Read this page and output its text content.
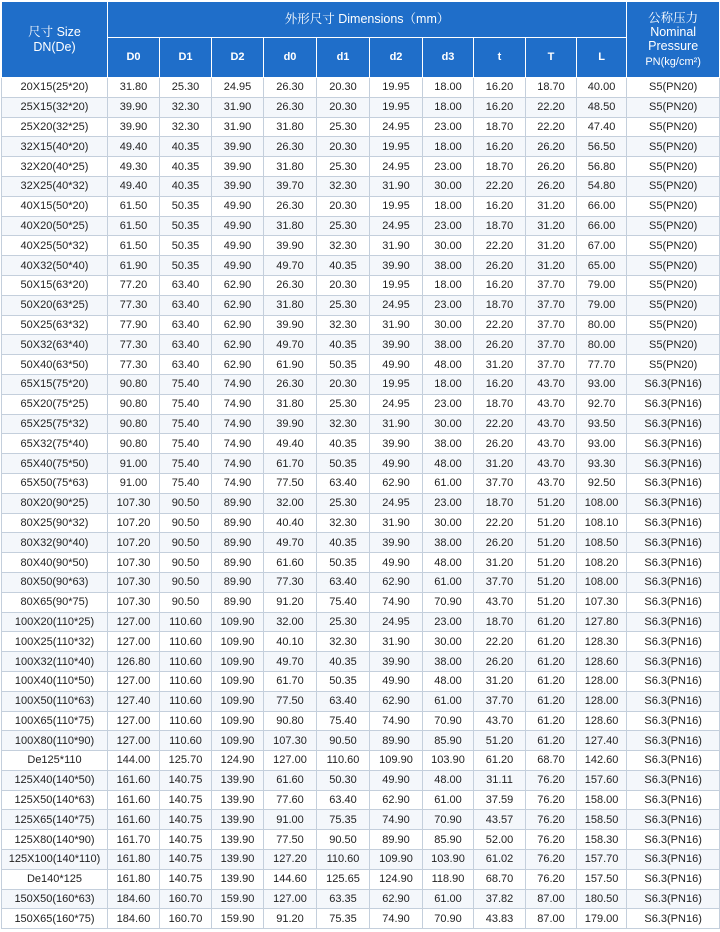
尺寸 Size
DN(De)	外形尺寸 Dimensions（mm）										公称压力
Nominal
Pressure
PN(kg/cm²)
	D0	D1	D2	d0	d1	d2	d3	t	T	L	
20X15(25*20)	31.80	25.30	24.95	26.30	20.30	19.95	18.00	16.20	18.70	40.00	S5(PN20)
25X15(32*20)	39.90	32.30	31.90	26.30	20.30	19.95	18.00	16.20	22.20	48.50	S5(PN20)
25X20(32*25)	39.90	32.30	31.90	31.80	25.30	24.95	23.00	18.70	22.20	47.40	S5(PN20)
32X15(40*20)	49.40	40.35	39.90	26.30	20.30	19.95	18.00	16.20	26.20	56.50	S5(PN20)
32X20(40*25)	49.30	40.35	39.90	31.80	25.30	24.95	23.00	18.70	26.20	56.80	S5(PN20)
32X25(40*32)	49.40	40.35	39.90	39.70	32.30	31.90	30.00	22.20	26.20	54.80	S5(PN20)
40X15(50*20)	61.50	50.35	49.90	26.30	20.30	19.95	18.00	16.20	31.20	66.00	S5(PN20)
40X20(50*25)	61.50	50.35	49.90	31.80	25.30	24.95	23.00	18.70	31.20	66.00	S5(PN20)
40X25(50*32)	61.50	50.35	49.90	39.90	32.30	31.90	30.00	22.20	31.20	67.00	S5(PN20)
40X32(50*40)	61.90	50.35	49.90	49.70	40.35	39.90	38.00	26.20	31.20	65.00	S5(PN20)
50X15(63*20)	77.20	63.40	62.90	26.30	20.30	19.95	18.00	16.20	37.70	79.00	S5(PN20)
50X20(63*25)	77.30	63.40	62.90	31.80	25.30	24.95	23.00	18.70	37.70	79.00	S5(PN20)
50X25(63*32)	77.90	63.40	62.90	39.90	32.30	31.90	30.00	22.20	37.70	80.00	S5(PN20)
50X32(63*40)	77.30	63.40	62.90	49.70	40.35	39.90	38.00	26.20	37.70	80.00	S5(PN20)
50X40(63*50)	77.30	63.40	62.90	61.90	50.35	49.90	48.00	31.20	37.70	77.70	S5(PN20)
65X15(75*20)	90.80	75.40	74.90	26.30	20.30	19.95	18.00	16.20	43.70	93.00	S6.3(PN16)
65X20(75*25)	90.80	75.40	74.90	31.80	25.30	24.95	23.00	18.70	43.70	92.70	S6.3(PN16)
65X25(75*32)	90.80	75.40	74.90	39.90	32.30	31.90	30.00	22.20	43.70	93.50	S6.3(PN16)
65X32(75*40)	90.80	75.40	74.90	49.40	40.35	39.90	38.00	26.20	43.70	93.00	S6.3(PN16)
65X40(75*50)	91.00	75.40	74.90	61.70	50.35	49.90	48.00	31.20	43.70	93.30	S6.3(PN16)
65X50(75*63)	91.00	75.40	74.90	77.50	63.40	62.90	61.00	37.70	43.70	92.50	S6.3(PN16)
80X20(90*25)	107.30	90.50	89.90	32.00	25.30	24.95	23.00	18.70	51.20	108.00	S6.3(PN16)
80X25(90*32)	107.20	90.50	89.90	40.40	32.30	31.90	30.00	22.20	51.20	108.10	S6.3(PN16)
80X32(90*40)	107.20	90.50	89.90	49.70	40.35	39.90	38.00	26.20	51.20	108.50	S6.3(PN16)
80X40(90*50)	107.30	90.50	89.90	61.60	50.35	49.90	48.00	31.20	51.20	108.20	S6.3(PN16)
80X50(90*63)	107.30	90.50	89.90	77.30	63.40	62.90	61.00	37.70	51.20	108.00	S6.3(PN16)
80X65(90*75)	107.30	90.50	89.90	91.20	75.40	74.90	70.90	43.70	51.20	107.30	S6.3(PN16)
100X20(110*25)	127.00	110.60	109.90	32.00	25.30	24.95	23.00	18.70	61.20	127.80	S6.3(PN16)
100X25(110*32)	127.00	110.60	109.90	40.10	32.30	31.90	30.00	22.20	61.20	128.30	S6.3(PN16)
100X32(110*40)	126.80	110.60	109.90	49.70	40.35	39.90	38.00	26.20	61.20	128.60	S6.3(PN16)
100X40(110*50)	127.00	110.60	109.90	61.70	50.35	49.90	48.00	31.20	61.20	128.00	S6.3(PN16)
100X50(110*63)	127.40	110.60	109.90	77.50	63.40	62.90	61.00	37.70	61.20	128.00	S6.3(PN16)
100X65(110*75)	127.00	110.60	109.90	90.80	75.40	74.90	70.90	43.70	61.20	128.60	S6.3(PN16)
100X80(110*90)	127.00	110.60	109.90	107.30	90.50	89.90	85.90	51.20	61.20	127.40	S6.3(PN16)
De125*110	144.00	125.70	124.90	127.00	110.60	109.90	103.90	61.20	68.70	142.60	S6.3(PN16)
125X40(140*50)	161.60	140.75	139.90	61.60	50.30	49.90	48.00	31.11	76.20	157.60	S6.3(PN16)
125X50(140*63)	161.60	140.75	139.90	77.60	63.40	62.90	61.00	37.59	76.20	158.00	S6.3(PN16)
125X65(140*75)	161.60	140.75	139.90	91.00	75.35	74.90	70.90	43.57	76.20	158.50	S6.3(PN16)
125X80(140*90)	161.70	140.75	139.90	77.50	90.50	89.90	85.90	52.00	76.20	158.30	S6.3(PN16)
125X100(140*110)	161.80	140.75	139.90	127.20	110.60	109.90	103.90	61.02	76.20	157.70	S6.3(PN16)
De140*125	161.80	140.75	139.90	144.60	125.65	124.90	118.90	68.70	76.20	157.50	S6.3(PN16)
150X50(160*63)	184.60	160.70	159.90	127.00	63.35	62.90	61.00	37.82	87.00	180.50	S6.3(PN16)
150X65(160*75)	184.60	160.70	159.90	91.20	75.35	74.90	70.90	43.83	87.00	179.00	S6.3(PN16)
